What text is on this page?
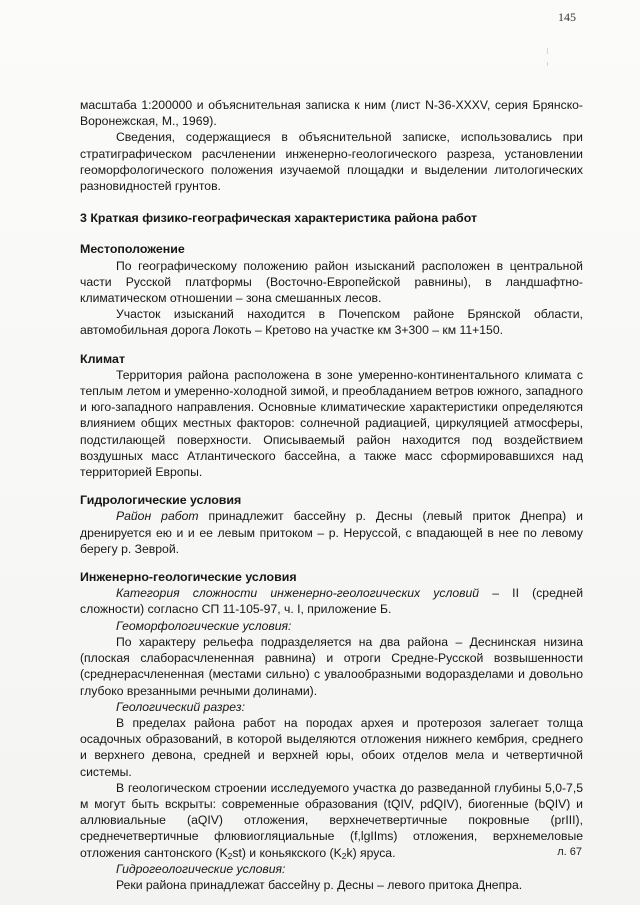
145

масштаба 1:200000 и объяснительная записка к ним (лист N-36-XXXV, серия Брянско-Воронежская, М., 1969).

Сведения, содержащиеся в объяснительной записке, использовались при стратиграфическом расчленении инженерно-геологического разреза, установлении геоморфологического положения изучаемой площадки и выделении литологических разновидностей грунтов.

3 Краткая физико-географическая характеристика района работ

Местоположение

По географическому положению район изысканий расположен в центральной части Русской платформы (Восточно-Европейской равнины), в ландшафтно-климатическом отношении – зона смешанных лесов.

Участок изысканий находится в Почепском районе Брянской области, автомобильная дорога Локоть – Кретово на участке км 3+300 – км 11+150.

Климат

Территория района расположена в зоне умеренно-континентального климата с теплым летом и умеренно-холодной зимой, и преобладанием ветров южного, западного и юго-западного направления. Основные климатические характеристики определяются влиянием общих местных факторов: солнечной радиацией, циркуляцией атмосферы, подстилающей поверхности. Описываемый район находится под воздействием воздушных масс Атлантического бассейна, а также масс сформировавшихся над территорией Европы.

Гидрологические условия

Район работ принадлежит бассейну р. Десны (левый приток Днепра) и дренируется ею и и ее левым притоком – р. Неруссой, с впадающей в нее по левому берегу р. Зеврой.

Инженерно-геологические условия

Категория сложности инженерно-геологических условий – II (средней сложности) согласно СП 11-105-97, ч. I, приложение Б.

Геоморфологические условия:

По характеру рельефа подразделяется на два района – Деснинская низина (плоская слаборасчлененная равнина) и отроги Средне-Русской возвышенности (среднерасчлененная (местами сильно) с увалообразными водоразделами и довольно глубоко врезанными речными долинами).

Геологический разрез:

В пределах района работ на породах архея и протерозоя залегает толща осадочных образований, в которой выделяются отложения нижнего кембрия, среднего и верхнего девона, средней и верхней юры, обоих отделов мела и четвертичной системы.

В геологическом строении исследуемого участка до разведанной глубины 5,0-7,5 м могут быть вскрыты: современные образования (tQIV, pdQIV), биогенные (bQIV) и аллювиальные (aQIV) отложения, верхнечетвертичные покровные (prIII), среднечетвертичные флювиогляциальные (f,lgIIms) отложения, верхнемеловые отложения сантонского $(K_2st)$ и коньякского $(K_2k)$ яруса.

Гидрогеологические условия:

Реки района принадлежат бассейну р. Десны – левого притока Днепра.

л. 67
